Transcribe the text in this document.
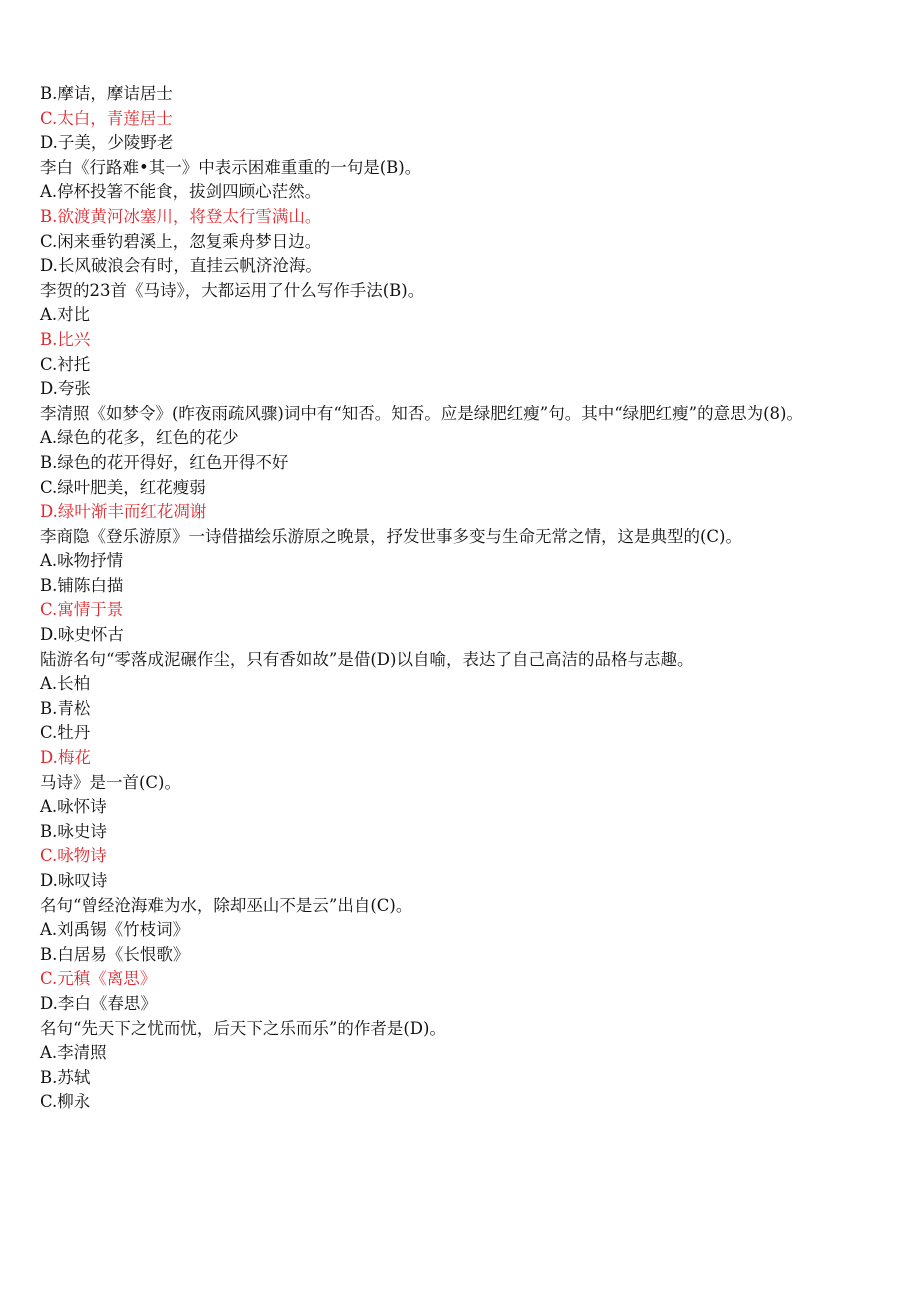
B.摩诘，摩诘居士
C.太白，青莲居士
D.子美，少陵野老
李白《行路难•其一》中表示困难重重的一句是(B)。
A.停杯投箸不能食，拔剑四顾心茫然。
B.欲渡黄河冰塞川，将登太行雪满山。
C.闲来垂钓碧溪上，忽复乘舟梦日边。
D.长风破浪会有时，直挂云帆济沧海。
李贺的23首《马诗》，大都运用了什么写作手法(B)。
A.对比
B.比兴
C.衬托
D.夸张
李清照《如梦令》(昨夜雨疏风骤)词中有“知否。知否。应是绿肥红瘦”句。其中“绿肥红瘦”的意思为(8)。
A.绿色的花多，红色的花少
B.绿色的花开得好，红色开得不好
C.绿叶肥美，红花瘦弱
D.绿叶渐丰而红花凋谢
李商隐《登乐游原》一诗借描绘乐游原之晚景，抒发世事多变与生命无常之情，这是典型的(C)。
A.咏物抒情
B.铺陈白描
C.寓情于景
D.咏史怀古
陆游名句“零落成泥碾作尘，只有香如故”是借(D)以自喻，表达了自己高洁的品格与志趣。
A.长柏
B.青松
C.牡丹
D.梅花
马诗》是一首(C)。
A.咏怀诗
B.咏史诗
C.咏物诗
D.咏叹诗
名句“曾经沧海难为水，除却巫山不是云”出自(C)。
A.刘禹锡《竹枝词》
B.白居易《长恨歌》
C.元稹《离思》
D.李白《春思》
名句“先天下之忧而忧，后天下之乐而乐”的作者是(D)。
A.李清照
B.苏轼
C.柳永
